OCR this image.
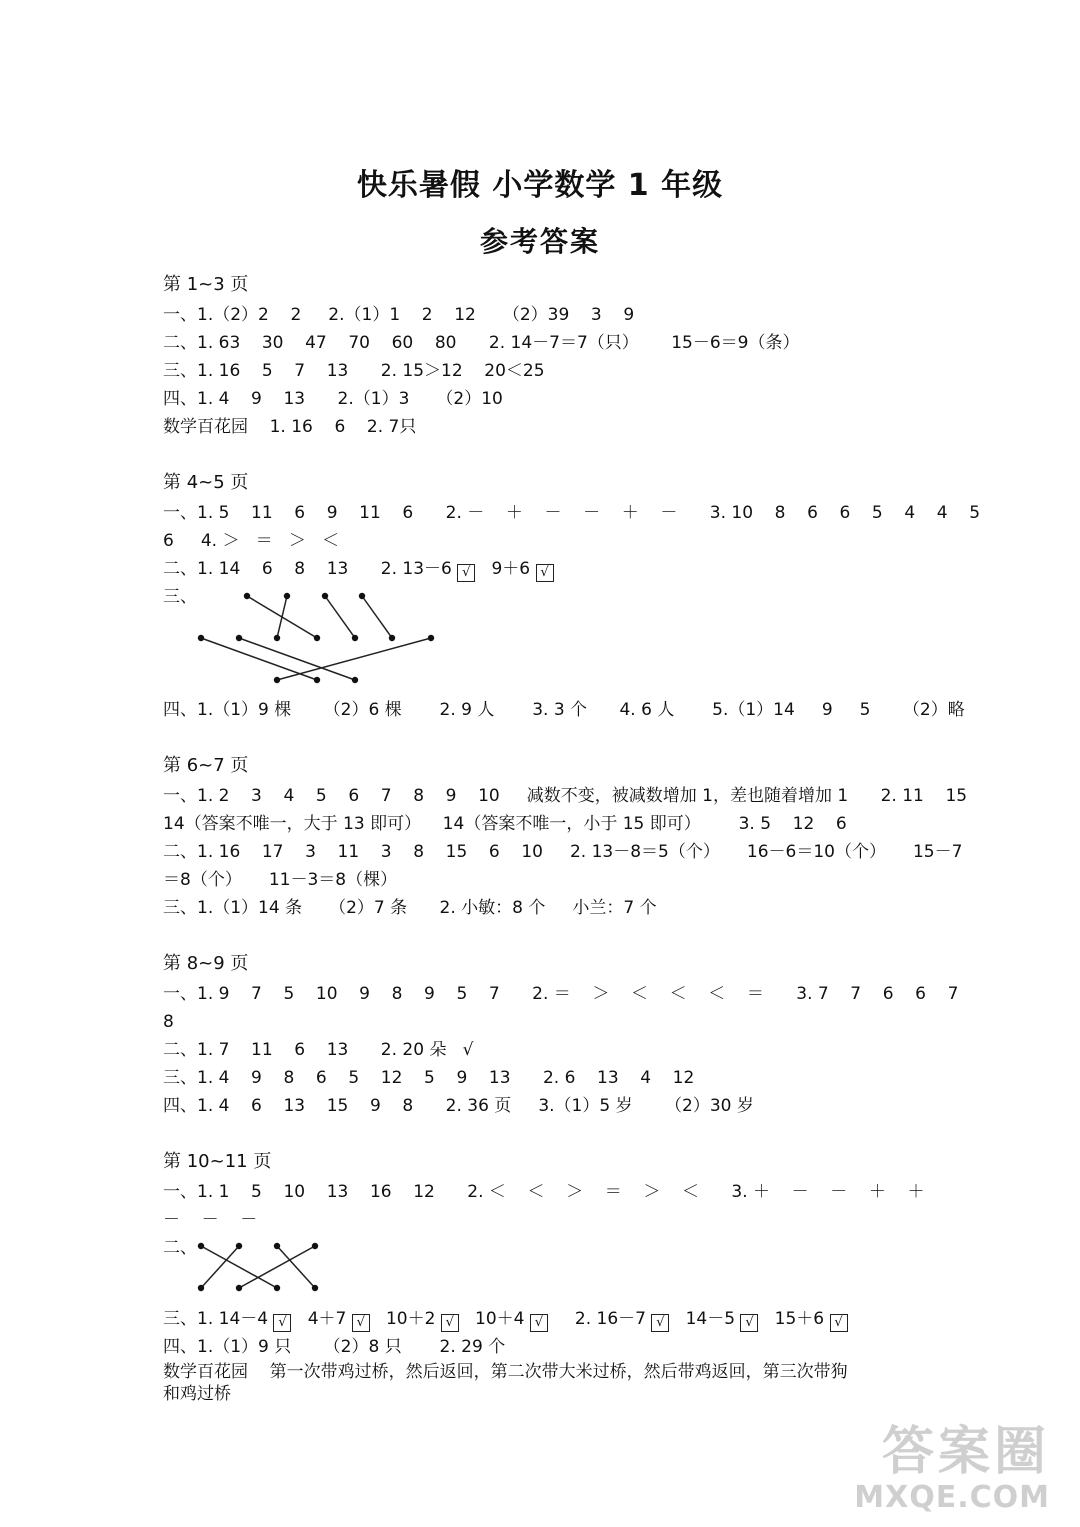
快乐暑假 小学数学 1 年级
参考答案
第 1~3 页
一、1.（2）2    2     2.（1）1    2    12     （2）39    3    9
二、1. 63    30    47    70    60    80      2. 14－7＝7（只）      15－6＝9（条）
三、1. 16    5    7    13      2. 15＞12    20＜25
四、1. 4    9    13      2.（1）3     （2）10
数学百花园    1. 16    6    2. 7只
第 4~5 页
一、1. 5    11    6    9    11    6      2. －    ＋    －    －    ＋    －      3. 10    8    6    6    5    4    4    5
6     4. ＞   ＝   ＞   ＜
二、1. 14    6    8    13      2. 13－6 √   9＋6 √
三、
四、1.（1）9 棵      （2）6 棵       2. 9 人       3. 3 个      4. 6 人       5.（1）14     9     5      （2）略
第 6~7 页
一、1. 2    3    4    5    6    7    8    9    10     减数不变，被减数增加 1，差也随着增加 1      2. 11    15
14（答案不唯一，大于 13 即可）    14（答案不唯一，小于 15 即可）       3. 5    12    6
二、1. 16    17    3    11    3    8    15    6    10     2. 13－8＝5（个）     16－6＝10（个）     15－7
＝8（个）     11－3＝8（棵）
三、1.（1）14 条     （2）7 条      2. 小敏：8 个     小兰：7 个
第 8~9 页
一、1. 9    7    5    10    9    8    9    5    7      2. ＝    ＞    ＜    ＜    ＜    ＝      3. 7    7    6    6    7
8
二、1. 7    11    6    13      2. 20 朵   √
三、1. 4    9    8    6    5    12    5    9    13      2. 6    13    4    12
四、1. 4    6    13    15    9    8      2. 36 页     3.（1）5 岁      （2）30 岁
第 10~11 页
一、1. 1    5    10    13    16    12      2. ＜    ＜    ＞    ＝    ＞    ＜      3. ＋    －    －    ＋    ＋
－    －    －
二、
三、1. 14－4 √   4＋7 √   10＋2 √   10＋4 √     2. 16－7 √   14－5 √   15＋6 √
四、1.（1）9 只      （2）8 只       2. 29 个
数学百花园    第一次带鸡过桥，然后返回，第二次带大米过桥，然后带鸡返回，第三次带狗
和鸡过桥
答案圈
MXQE.COM
